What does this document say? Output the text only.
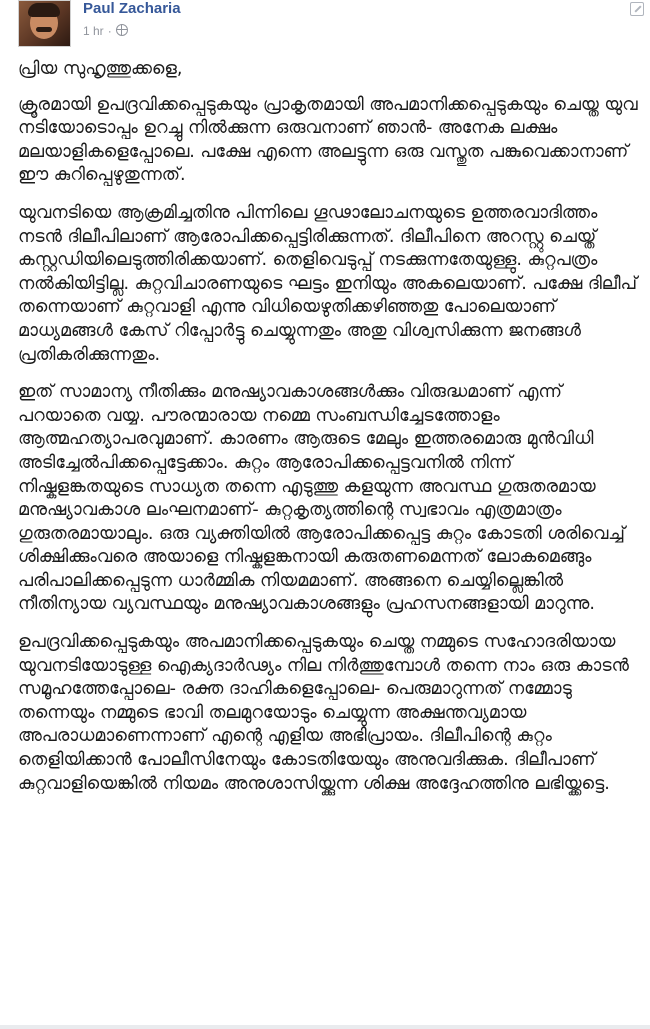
Paul Zacharia
1 hr ·

പ്രിയ സുഹൃത്തുക്കളെ,

ക്രൂരമായി ഉപദ്രവിക്കപ്പെടുകയും പ്രാകൃതമായി അപമാനിക്കപ്പെടുകയും ചെയ്ത യുവ നടിയോടൊപ്പം ഉറച്ചു നിൽക്കുന്ന ഒരുവനാണ് ഞാൻ- അനേക ലക്ഷം മലയാളികളെപ്പോലെ. പക്ഷേ എന്നെ അലട്ടുന്ന ഒരു വസ്തുത പങ്കുവെക്കാനാണ് ഈ കുറിപ്പെഴുതുന്നത്.

യുവനടിയെ ആക്രമിച്ചതിനു പിന്നിലെ ഗൂഢാലോചനയുടെ ഉത്തരവാദിത്തം നടൻ ദിലീപിലാണ് ആരോപിക്കപ്പെട്ടിരിക്കുന്നത്. ദിലീപിനെ അറസ്റ്റു ചെയ്ത് കസ്റ്റഡിയിലെടുത്തിരിക്കയാണ്. തെളിവെടുപ്പ് നടക്കുന്നതേയുള്ളു. കുറ്റപത്രം നൽകിയിട്ടില്ല. കുറ്റവിചാരണയുടെ ഘട്ടം ഇനിയും അകലെയാണ്. പക്ഷേ ദിലീപ് തന്നെയാണ് കുറ്റവാളി എന്നു വിധിയെഴുതിക്കഴിഞ്ഞതു പോലെയാണ് മാധ്യമങ്ങൾ കേസ് റിപ്പോർട്ടു ചെയ്യുന്നതും അതു വിശ്വസിക്കുന്ന ജനങ്ങൾ പ്രതികരിക്കുന്നതും.

ഇത് സാമാന്യ നീതിക്കും മനുഷ്യാവകാശങ്ങൾക്കും വിരുദ്ധമാണ് എന്ന് പറയാതെ വയ്യ. പൗരന്മാരായ നമ്മെ സംബന്ധിച്ചേടത്തോളം ആത്മഹത്യാപരവുമാണ്. കാരണം ആരുടെ മേലും ഇത്തരമൊരു മുൻവിധി അടിച്ചേൽപിക്കപ്പെട്ടേക്കാം. കുറ്റം ആരോപിക്കപ്പെട്ടവനിൽ നിന്ന് നിഷ്കളങ്കതയുടെ സാധ്യത തന്നെ എടുത്തു കളയുന്ന അവസ്ഥ ഗുരുതരമായ മനുഷ്യാവകാശ ലംഘനമാണ്- കുറ്റകൃത്യത്തിന്റെ സ്വഭാവം എത്രമാത്രം ഗുരുതരമായാലും. ഒരു വ്യക്തിയിൽ ആരോപിക്കപ്പെട്ട കുറ്റം കോടതി ശരിവെച്ച് ശിക്ഷിക്കുംവരെ അയാളെ നിഷ്കളങ്കനായി കരുതണമെന്നത് ലോകമെങ്ങും പരിപാലിക്കപ്പെടുന്ന ധാർമ്മിക നിയമമാണ്. അങ്ങനെ ചെയ്യില്ലെങ്കിൽ നീതിന്യായ വ്യവസ്ഥയും മനുഷ്യാവകാശങ്ങളും പ്രഹസനങ്ങളായി മാറുന്നു.

ഉപദ്രവിക്കപ്പെടുകയും അപമാനിക്കപ്പെടുകയും ചെയ്ത നമ്മുടെ സഹോദരിയായ യുവനടിയോടുള്ള ഐക്യദാർഢ്യം നില നിർത്തുമ്പോൾ തന്നെ നാം ഒരു കാടൻ സമൂഹത്തേപ്പോലെ- രക്ത ദാഹികളെപ്പോലെ- പെരുമാറുന്നത് നമ്മോടു തന്നെയും നമ്മുടെ ഭാവി തലമുറയോടും ചെയ്യുന്ന അക്ഷന്തവ്യമായ അപരാധമാണെന്നാണ് എന്റെ എളിയ അഭിപ്രായം. ദിലീപിന്റെ കുറ്റം തെളിയിക്കാൻ പോലീസിനേയും കോടതിയേയും അനുവദിക്കുക. ദിലീപാണ് കുറ്റവാളിയെങ്കിൽ നിയമം അനുശാസിയ്ക്കുന്ന ശിക്ഷ അദ്ദേഹത്തിനു ലഭിയ്ക്കട്ടെ.
